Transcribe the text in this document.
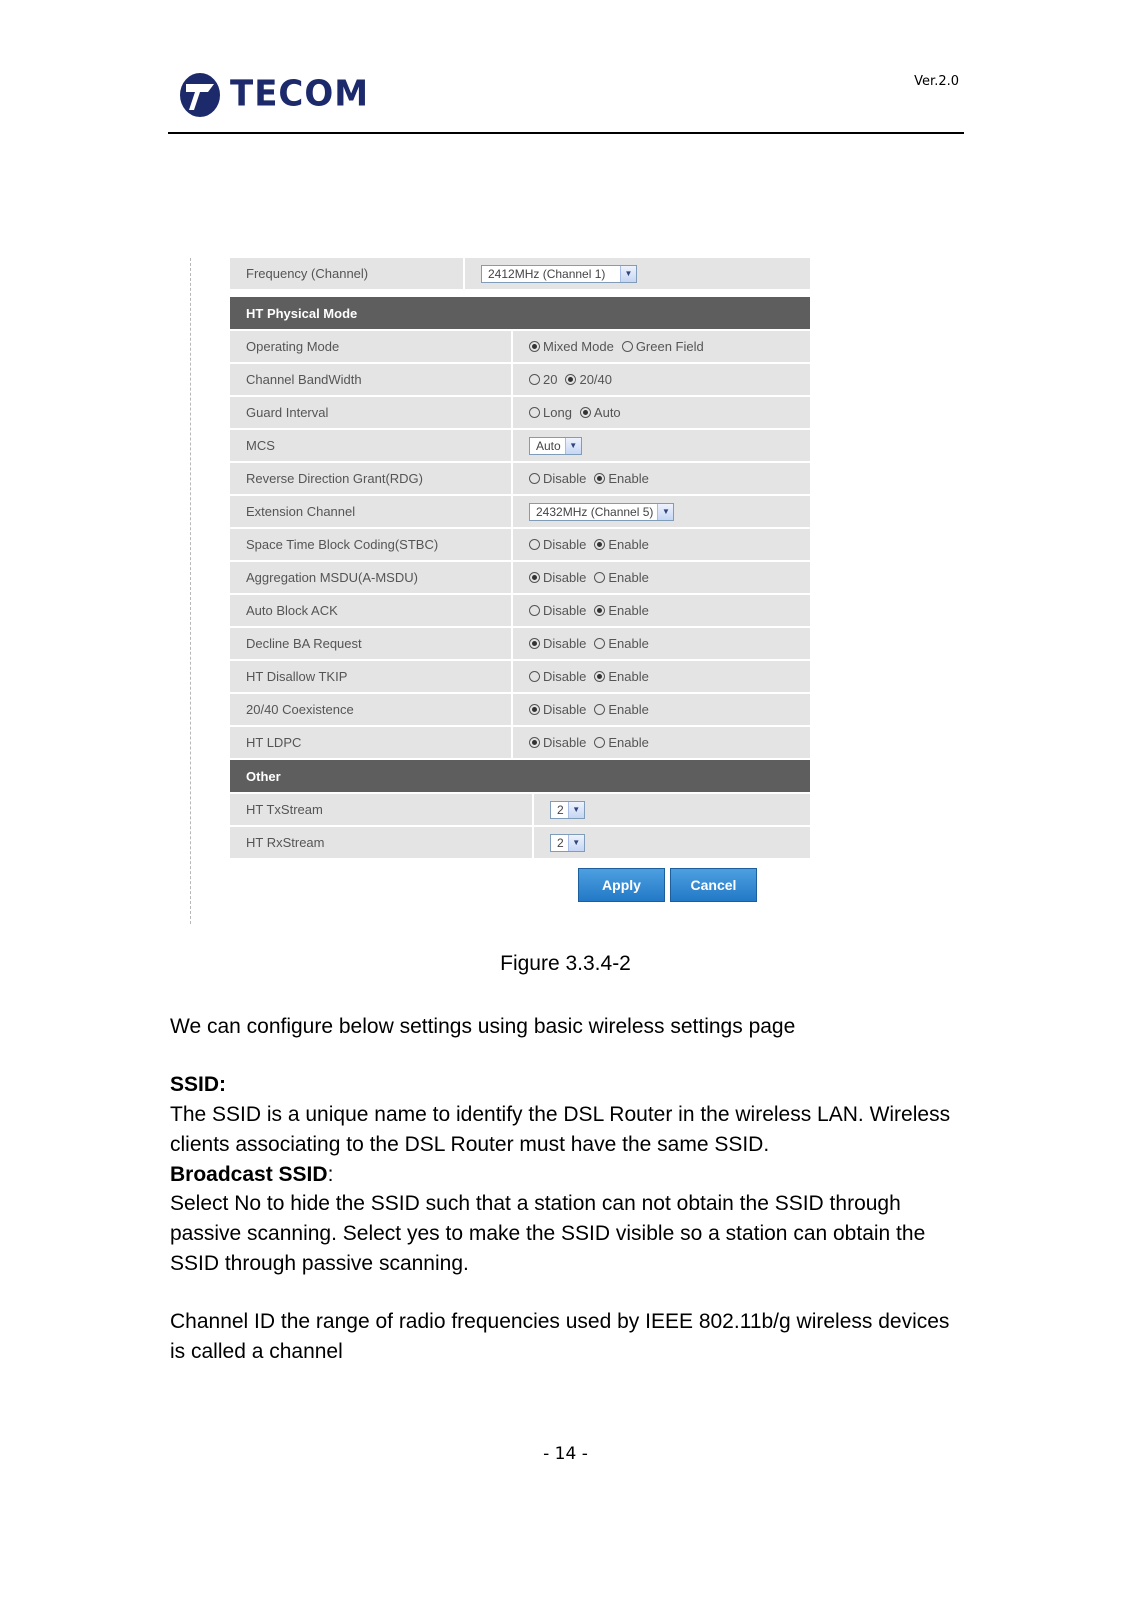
TECOM	Ver.2.0
Frequency (Channel)	2412MHz (Channel 1)	▼
HT Physical Mode
Operating Mode	Mixed Mode Green Field
Channel BandWidth	20 20/40
Guard Interval	Long Auto
MCS	Auto	▼
Reverse Direction Grant(RDG)	Disable Enable
Extension Channel	2432MHz (Channel 5)	▼
Space Time Block Coding(STBC)	Disable Enable
Aggregation MSDU(A-MSDU)	Disable Enable
Auto Block ACK	Disable Enable
Decline BA Request	Disable Enable
HT Disallow TKIP	Disable Enable
20/40 Coexistence	Disable Enable
HT LDPC	Disable Enable
Other
HT TxStream	2	▼
HT RxStream	2	▼
Apply	Cancel
Figure 3.3.4-2
We can configure below settings using basic wireless settings page
SSID:
The SSID is a unique name to identify the DSL Router in the wireless LAN. Wireless clients associating to the DSL Router must have the same SSID.
Broadcast SSID:
Select No to hide the SSID such that a station can not obtain the SSID through passive scanning. Select yes to make the SSID visible so a station can obtain the SSID through passive scanning.
Channel ID the range of radio frequencies used by IEEE 802.11b/g wireless devices is called a channel
- 14 -
